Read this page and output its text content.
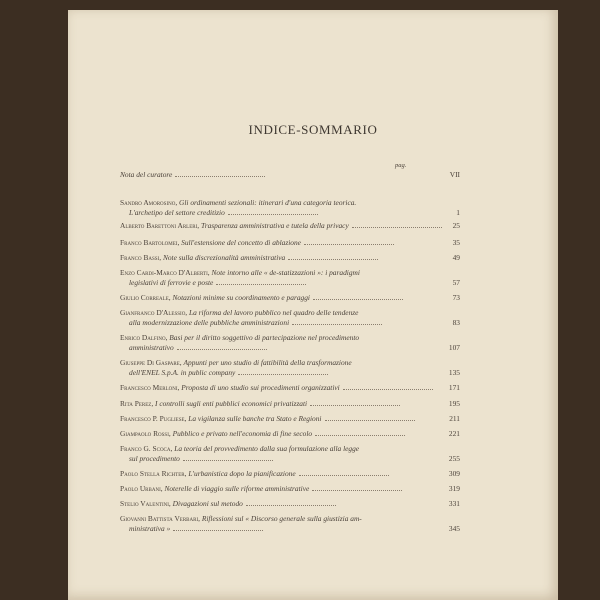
INDICE-SOMMARIO
pag.
Nota del curatore	VII
Sandro Amorosino, Gli ordinamenti sezionali: itinerari d'una categoria teorica.
L'archetipo del settore creditizio	1
Alberto Barettoni Arleri, Trasparenza amministrativa e tutela della privacy	25
Franco Bartolomei, Sull'estensione del concetto di ablazione	35
Franco Bassi, Note sulla discrezionalità amministrativa	49
Enzo Cardi-Marco D'Alberti, Note intorno alle « de-statizzazioni »: i paradigmi
legislativi di ferrovie e poste	57
Giulio Correale, Notazioni minime su coordinamento e paraggi	73
Gianfranco D'Alessio, La riforma del lavoro pubblico nel quadro delle tendenze
alla modernizzazione delle pubbliche amministrazioni	83
Enrico Dalfino, Basi per il diritto soggettivo di partecipazione nel procedimento
amministrativo	107
Giuseppe Di Gaspare, Appunti per uno studio di fattibilità della trasformazione
dell'ENEL S.p.A. in public company	135
Francesco Merloni, Proposta di uno studio sui procedimenti organizzativi	171
Rita Perez, I controlli sugli enti pubblici economici privatizzati	195
Francesco P. Pugliese, La vigilanza sulle banche tra Stato e Regioni	211
Giampaolo Rossi, Pubblico e privato nell'economia di fine secolo	221
Franco G. Scoca, La teoria del provvedimento dalla sua formulazione alla legge
sul procedimento	255
Paolo Stella Richter, L'urbanistica dopo la pianificazione	309
Paolo Urbani, Noterelle di viaggio sulle riforme amministrative	319
Stelio Valentini, Divagazioni sul metodo	331
Giovanni Battista Verbari, Riflessioni sul « Discorso generale sulla giustizia am-
ministrativa »	345
